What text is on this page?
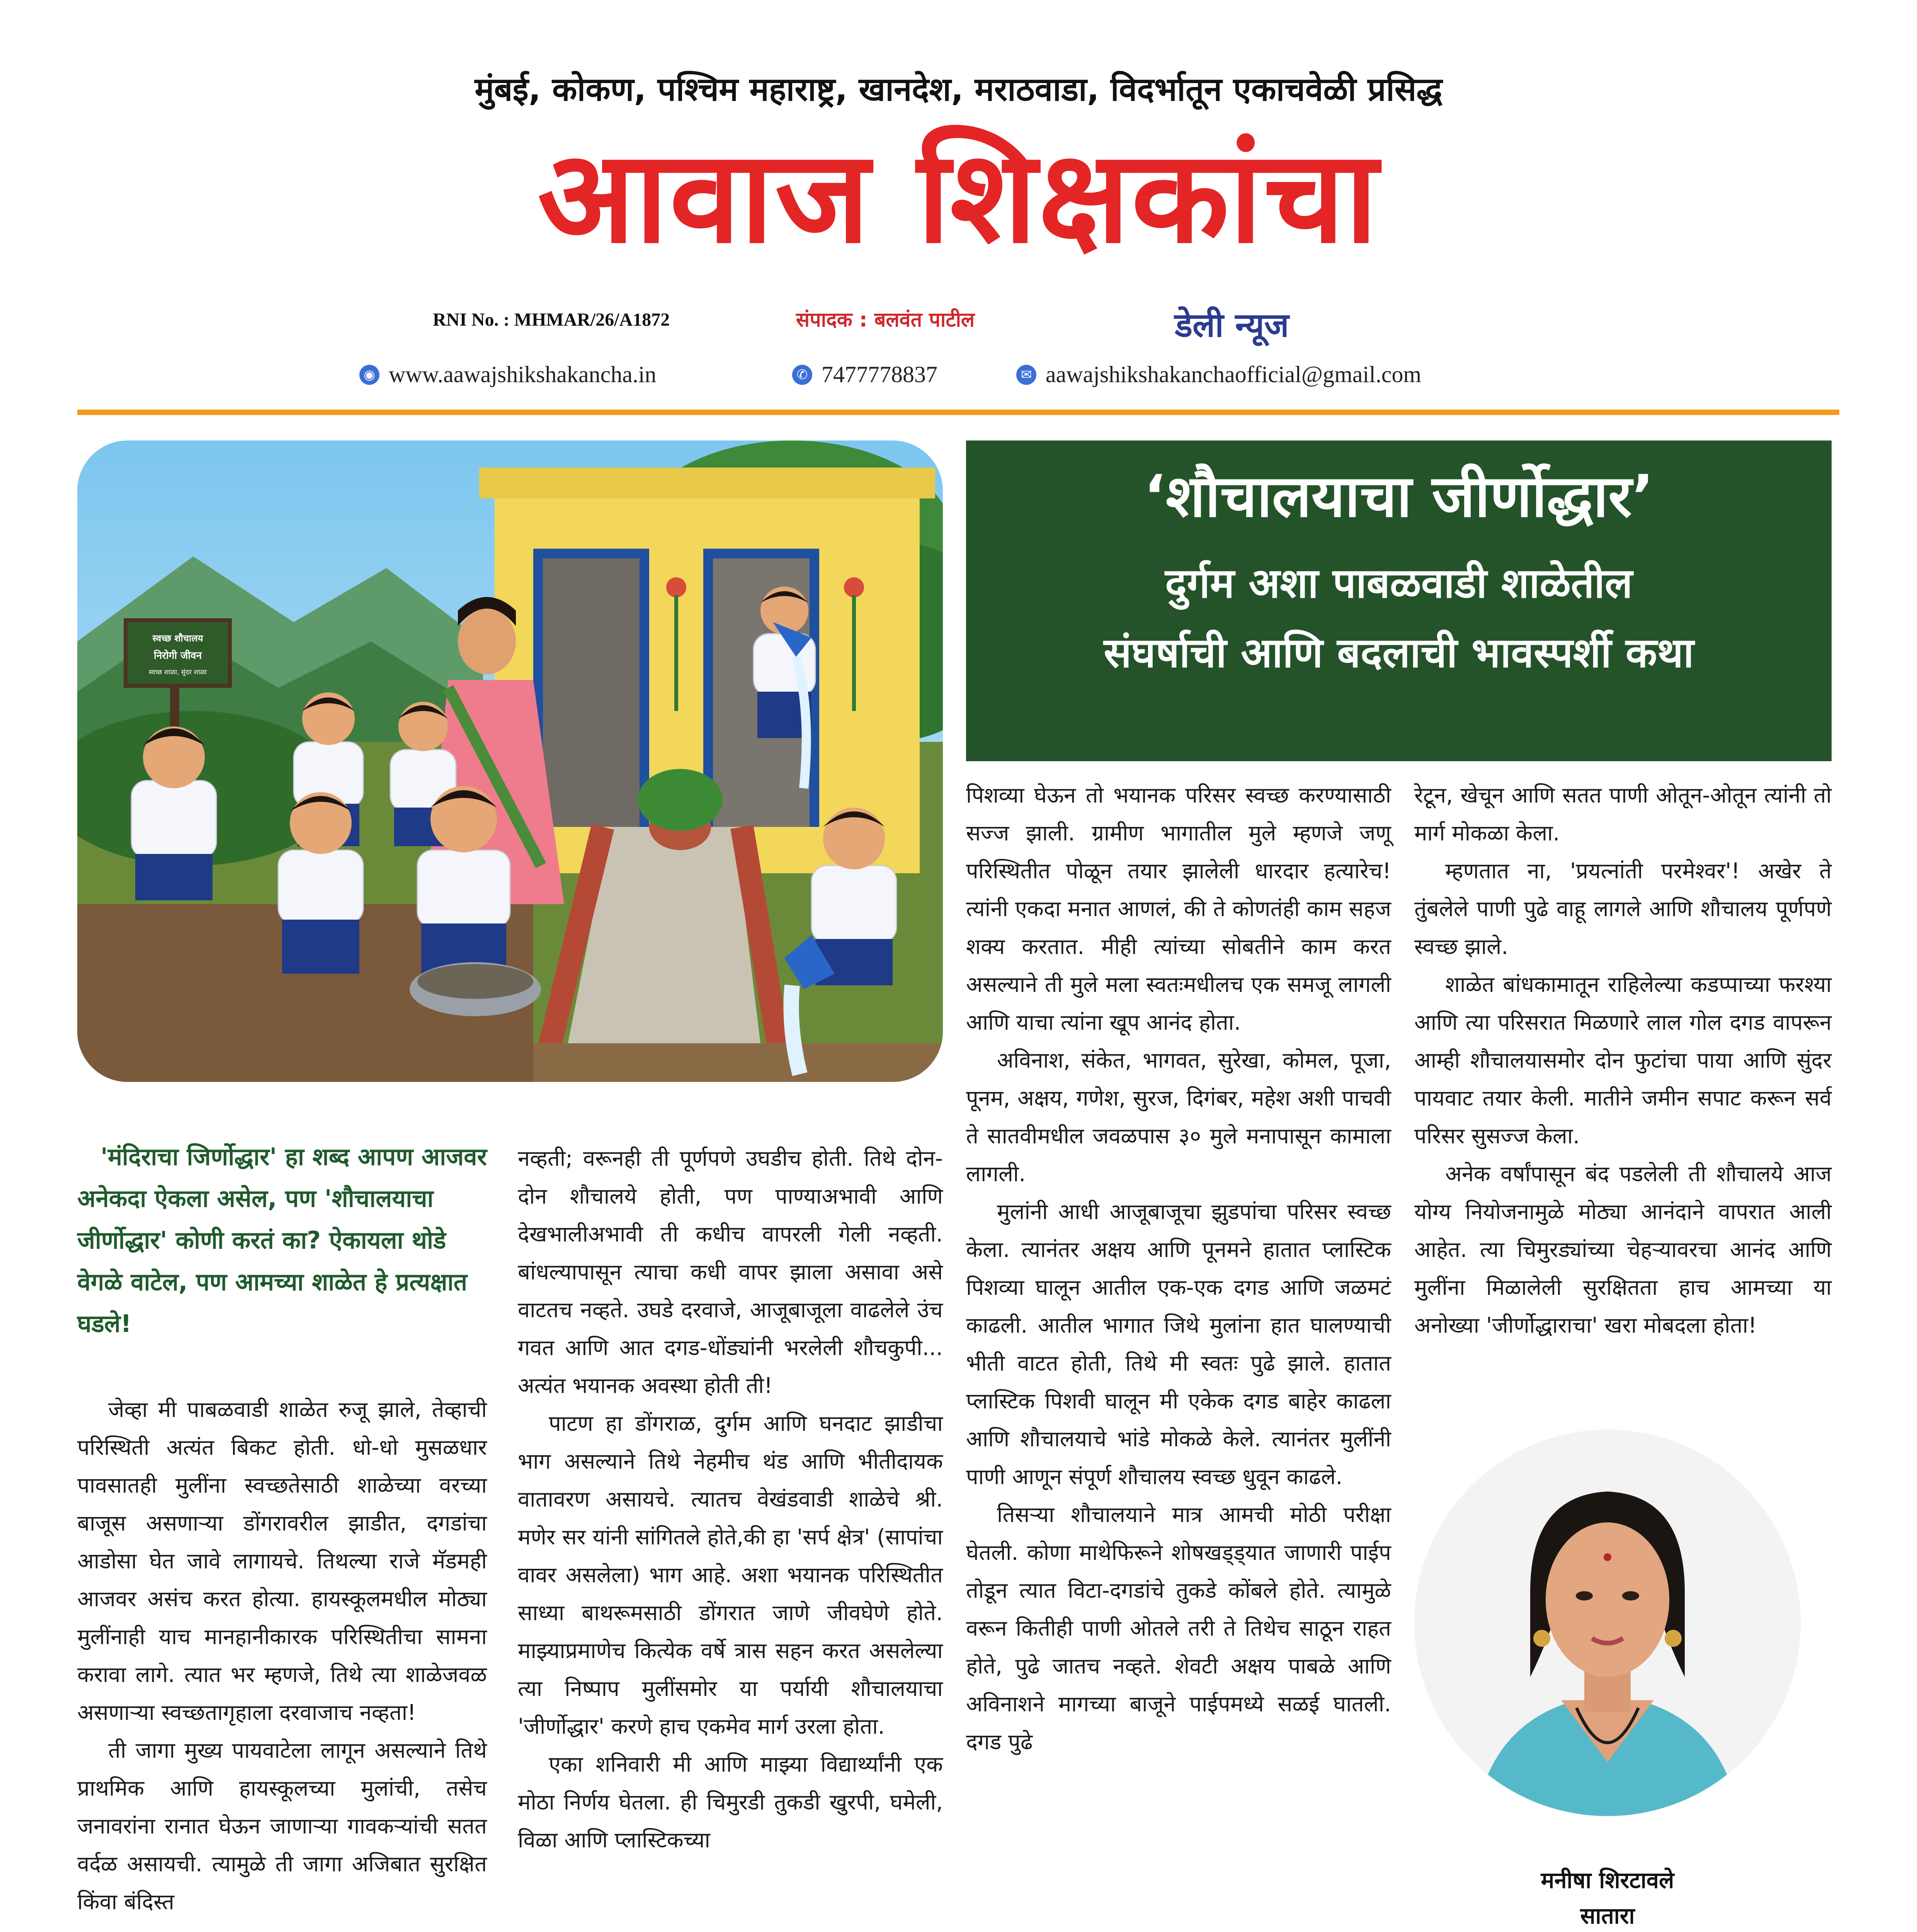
मुंबई, कोकण, पश्चिम महाराष्ट्र, खानदेश, मराठवाडा, विदर्भातून एकाचवेळी प्रसिद्ध
आवाज शिक्षकांचा
RNI No. : MHMAR/26/A1872	संपादक : बलवंत पाटील	डेली न्यूज
◉ www.aawajshikshakancha.in	✆ 7477778837	✉ aawajshikshakanchaofficial@gmail.com
स्वच्छ शौचालय
निरोगी जीवन
स्वच्छ शाळा, सुंदर शाळा
‘शौचालयाचा जीर्णोद्धार’
दुर्गम अशा पाबळवाडी शाळेतील
संघर्षाची आणि बदलाची भावस्पर्शी कथा

'मंदिराचा जिर्णोद्धार' हा शब्द आपण आजवर अनेकदा ऐकला असेल, पण 'शौचालयाचा जीर्णोद्धार' कोणी करतं का? ऐकायला थोडे वेगळे वाटेल, पण आमच्या शाळेत हे प्रत्यक्षात घडले!

जेव्हा मी पाबळवाडी शाळेत रुजू झाले, तेव्हाची परिस्थिती अत्यंत बिकट होती. धो-धो मुसळधार पावसातही मुलींना स्वच्छतेसाठी शाळेच्या वरच्या बाजूस असणाऱ्या डोंगरावरील झाडीत, दगडांचा आडोसा घेत जावे लागायचे. तिथल्या राजे मॅडमही आजवर असंच करत होत्या. हायस्कूलमधील मोठ्या मुलींनाही याच मानहानीकारक परिस्थितीचा सामना करावा लागे. त्यात भर म्हणजे, तिथे त्या शाळेजवळ असणाऱ्या स्वच्छतागृहाला दरवाजाच नव्हता!

ती जागा मुख्य पायवाटेला लागून असल्याने तिथे प्राथमिक आणि हायस्कूलच्या मुलांची, तसेच जनावरांना रानात घेऊन जाणाऱ्या गावकऱ्यांची सतत वर्दळ असायची. त्यामुळे ती जागा अजिबात सुरक्षित किंवा बंदिस्त

नव्हती; वरूनही ती पूर्णपणे उघडीच होती. तिथे दोन-दोन शौचालये होती, पण पाण्याअभावी आणि देखभालीअभावी ती कधीच वापरली गेली नव्हती. बांधल्यापासून त्याचा कधी वापर झाला असावा असे वाटतच नव्हते. उघडे दरवाजे, आजूबाजूला वाढलेले उंच गवत आणि आत दगड-धोंड्यांनी भरलेली शौचकुपी... अत्यंत भयानक अवस्था होती ती!

पाटण हा डोंगराळ, दुर्गम आणि घनदाट झाडीचा भाग असल्याने तिथे नेहमीच थंड आणि भीतीदायक वातावरण असायचे. त्यातच वेखंडवाडी शाळेचे श्री. मणेर सर यांनी सांगितले होते,की हा 'सर्प क्षेत्र' (सापांचा वावर असलेला) भाग आहे. अशा भयानक परिस्थितीत साध्या बाथरूमसाठी डोंगरात जाणे जीवघेणे होते. माझ्याप्रमाणेच कित्येक वर्षे त्रास सहन करत असलेल्या त्या निष्पाप मुलींसमोर या पर्यायी शौचालयाचा 'जीर्णोद्धार' करणे हाच एकमेव मार्ग उरला होता.

एका शनिवारी मी आणि माझ्या विद्यार्थ्यांनी एक मोठा निर्णय घेतला. ही चिमुरडी तुकडी खुरपी, घमेली, विळा आणि प्लास्टिकच्या

पिशव्या घेऊन तो भयानक परिसर स्वच्छ करण्यासाठी सज्ज झाली. ग्रामीण भागातील मुले म्हणजे जणू परिस्थितीत पोळून तयार झालेली धारदार हत्यारेच! त्यांनी एकदा मनात आणलं, की ते कोणतंही काम सहज शक्य करतात. मीही त्यांच्या सोबतीने काम करत असल्याने ती मुले मला स्वतःमधीलच एक समजू लागली आणि याचा त्यांना खूप आनंद होता.

अविनाश, संकेत, भागवत, सुरेखा, कोमल, पूजा, पूनम, अक्षय, गणेश, सुरज, दिगंबर, महेश अशी पाचवी ते सातवीमधील जवळपास ३० मुले मनापासून कामाला लागली.

मुलांनी आधी आजूबाजूचा झुडपांचा परिसर स्वच्छ केला. त्यानंतर अक्षय आणि पूनमने हातात प्लास्टिक पिशव्या घालून आतील एक-एक दगड आणि जळमटं काढली. आतील भागात जिथे मुलांना हात घालण्याची भीती वाटत होती, तिथे मी स्वतः पुढे झाले. हातात प्लास्टिक पिशवी घालून मी एकेक दगड बाहेर काढला आणि शौचालयाचे भांडे मोकळे केले. त्यानंतर मुलींनी पाणी आणून संपूर्ण शौचालय स्वच्छ धुवून काढले.

तिसऱ्या शौचालयाने मात्र आमची मोठी परीक्षा घेतली. कोणा माथेफिरूने शोषखड्ड्यात जाणारी पाईप तोडून त्यात विटा-दगडांचे तुकडे कोंबले होते. त्यामुळे वरून कितीही पाणी ओतले तरी ते तिथेच साठून राहत होते, पुढे जातच नव्हते. शेवटी अक्षय पाबळे आणि अविनाशने मागच्या बाजूने पाईपमध्ये सळई घातली. दगड पुढे

रेटून, खेचून आणि सतत पाणी ओतून-ओतून त्यांनी तो मार्ग मोकळा केला.

म्हणतात ना, 'प्रयत्नांती परमेश्वर'! अखेर ते तुंबलेले पाणी पुढे वाहू लागले आणि शौचालय पूर्णपणे स्वच्छ झाले.

शाळेत बांधकामातून राहिलेल्या कडप्पाच्या फरश्या आणि त्या परिसरात मिळणारे लाल गोल दगड वापरून आम्ही शौचालयासमोर दोन फुटांचा पाया आणि सुंदर पायवाट तयार केली. मातीने जमीन सपाट करून सर्व परिसर सुसज्ज केला.

अनेक वर्षांपासून बंद पडलेली ती शौचालये आज योग्य नियोजनामुळे मोठ्या आनंदाने वापरात आली आहेत. त्या चिमुरड्यांच्या चेहऱ्यावरचा आनंद आणि मुलींना मिळालेली सुरक्षितता हाच आमच्या या अनोख्या 'जीर्णोद्धाराचा' खरा मोबदला होता!

मनीषा शिरटावले
सातारा
